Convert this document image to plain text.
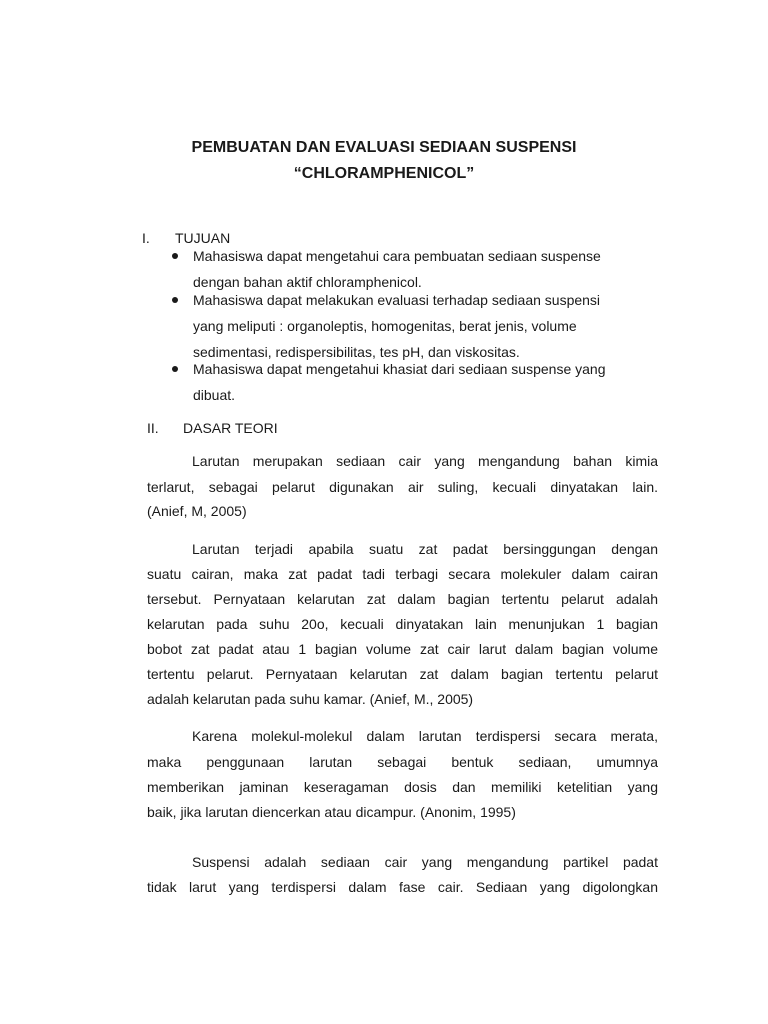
PEMBUATAN DAN EVALUASI SEDIAAN SUSPENSI
“CHLORAMPHENICOL”
I. TUJUAN
Mahasiswa dapat mengetahui cara pembuatan sediaan suspense
dengan bahan aktif chloramphenicol.
Mahasiswa dapat melakukan evaluasi terhadap sediaan suspensi
yang meliputi : organoleptis, homogenitas, berat jenis, volume
sedimentasi, redispersibilitas, tes pH, dan viskositas.
Mahasiswa dapat mengetahui khasiat dari sediaan suspense yang
dibuat.
II. DASAR TEORI
Larutan merupakan sediaan cair yang mengandung bahan kimia
terlarut, sebagai pelarut digunakan air suling, kecuali dinyatakan lain.
(Anief, M, 2005)
Larutan terjadi apabila suatu zat padat bersinggungan dengan
suatu cairan, maka zat padat tadi terbagi secara molekuler dalam cairan
tersebut. Pernyataan kelarutan zat dalam bagian tertentu pelarut adalah
kelarutan pada suhu 20o, kecuali dinyatakan lain menunjukan 1 bagian
bobot zat padat atau 1 bagian volume zat cair larut dalam bagian volume
tertentu pelarut. Pernyataan kelarutan zat dalam bagian tertentu pelarut
adalah kelarutan pada suhu kamar. (Anief, M., 2005)
Karena molekul-molekul dalam larutan terdispersi secara merata,
maka penggunaan larutan sebagai bentuk sediaan, umumnya
memberikan jaminan keseragaman dosis dan memiliki ketelitian yang
baik, jika larutan diencerkan atau dicampur. (Anonim, 1995)
Suspensi adalah sediaan cair yang mengandung partikel padat
tidak larut yang terdispersi dalam fase cair. Sediaan yang digolongkan
